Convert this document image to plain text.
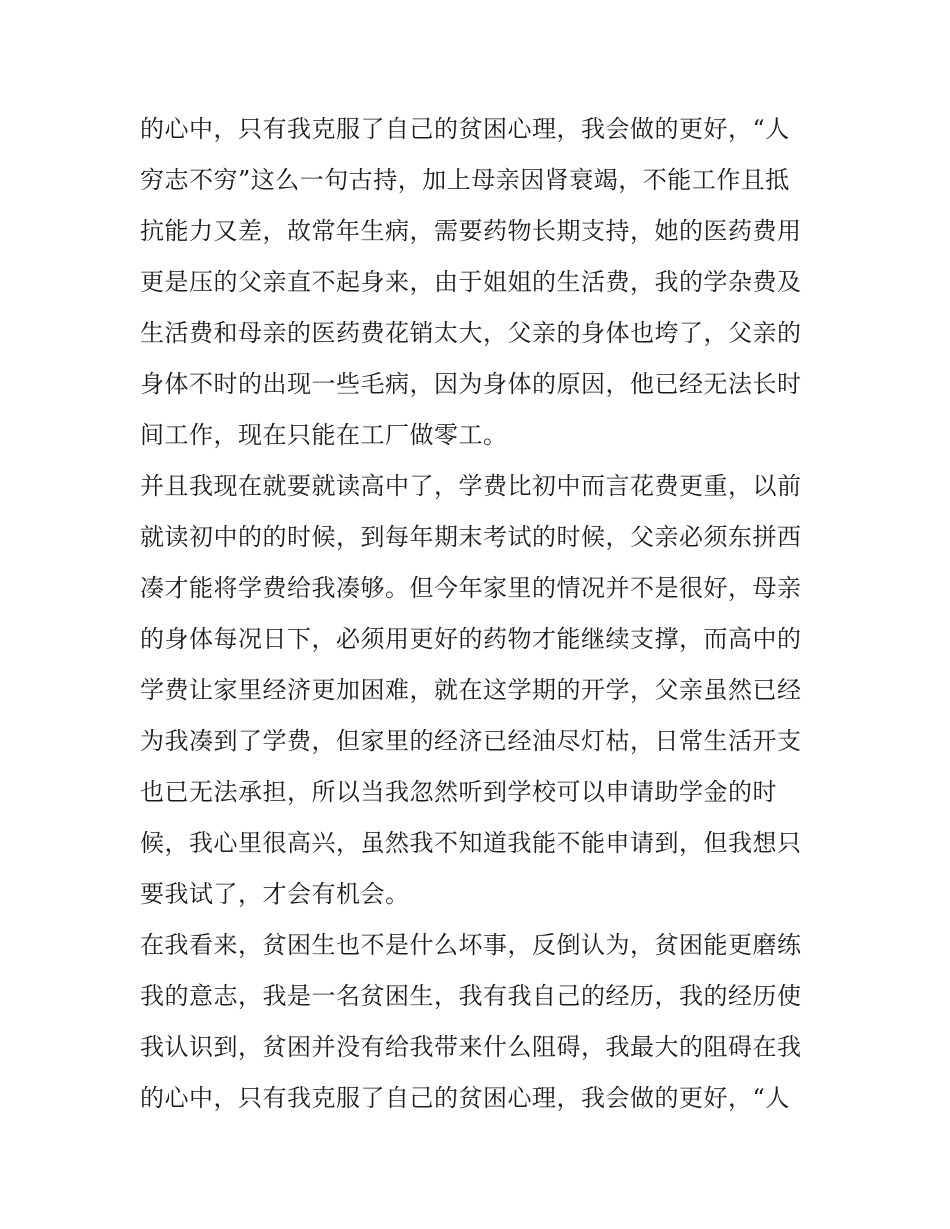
的心中，只有我克服了自己的贫困心理，我会做的更好，“人
穷志不穷”这么一句古持，加上母亲因肾衰竭，不能工作且抵
抗能力又差，故常年生病，需要药物长期支持，她的医药费用
更是压的父亲直不起身来，由于姐姐的生活费，我的学杂费及
生活费和母亲的医药费花销太大，父亲的身体也垮了，父亲的
身体不时的出现一些毛病，因为身体的原因，他已经无法长时
间工作，现在只能在工厂做零工。
并且我现在就要就读高中了，学费比初中而言花费更重，以前
就读初中的的时候，到每年期末考试的时候，父亲必须东拼西
凑才能将学费给我凑够。但今年家里的情况并不是很好，母亲
的身体每况日下，必须用更好的药物才能继续支撑，而高中的
学费让家里经济更加困难，就在这学期的开学，父亲虽然已经
为我凑到了学费，但家里的经济已经油尽灯枯，日常生活开支
也已无法承担，所以当我忽然听到学校可以申请助学金的时
候，我心里很高兴，虽然我不知道我能不能申请到，但我想只
要我试了，才会有机会。
在我看来，贫困生也不是什么坏事，反倒认为，贫困能更磨练
我的意志，我是一名贫困生，我有我自己的经历，我的经历使
我认识到，贫困并没有给我带来什么阻碍，我最大的阻碍在我
的心中，只有我克服了自己的贫困心理，我会做的更好，“人
